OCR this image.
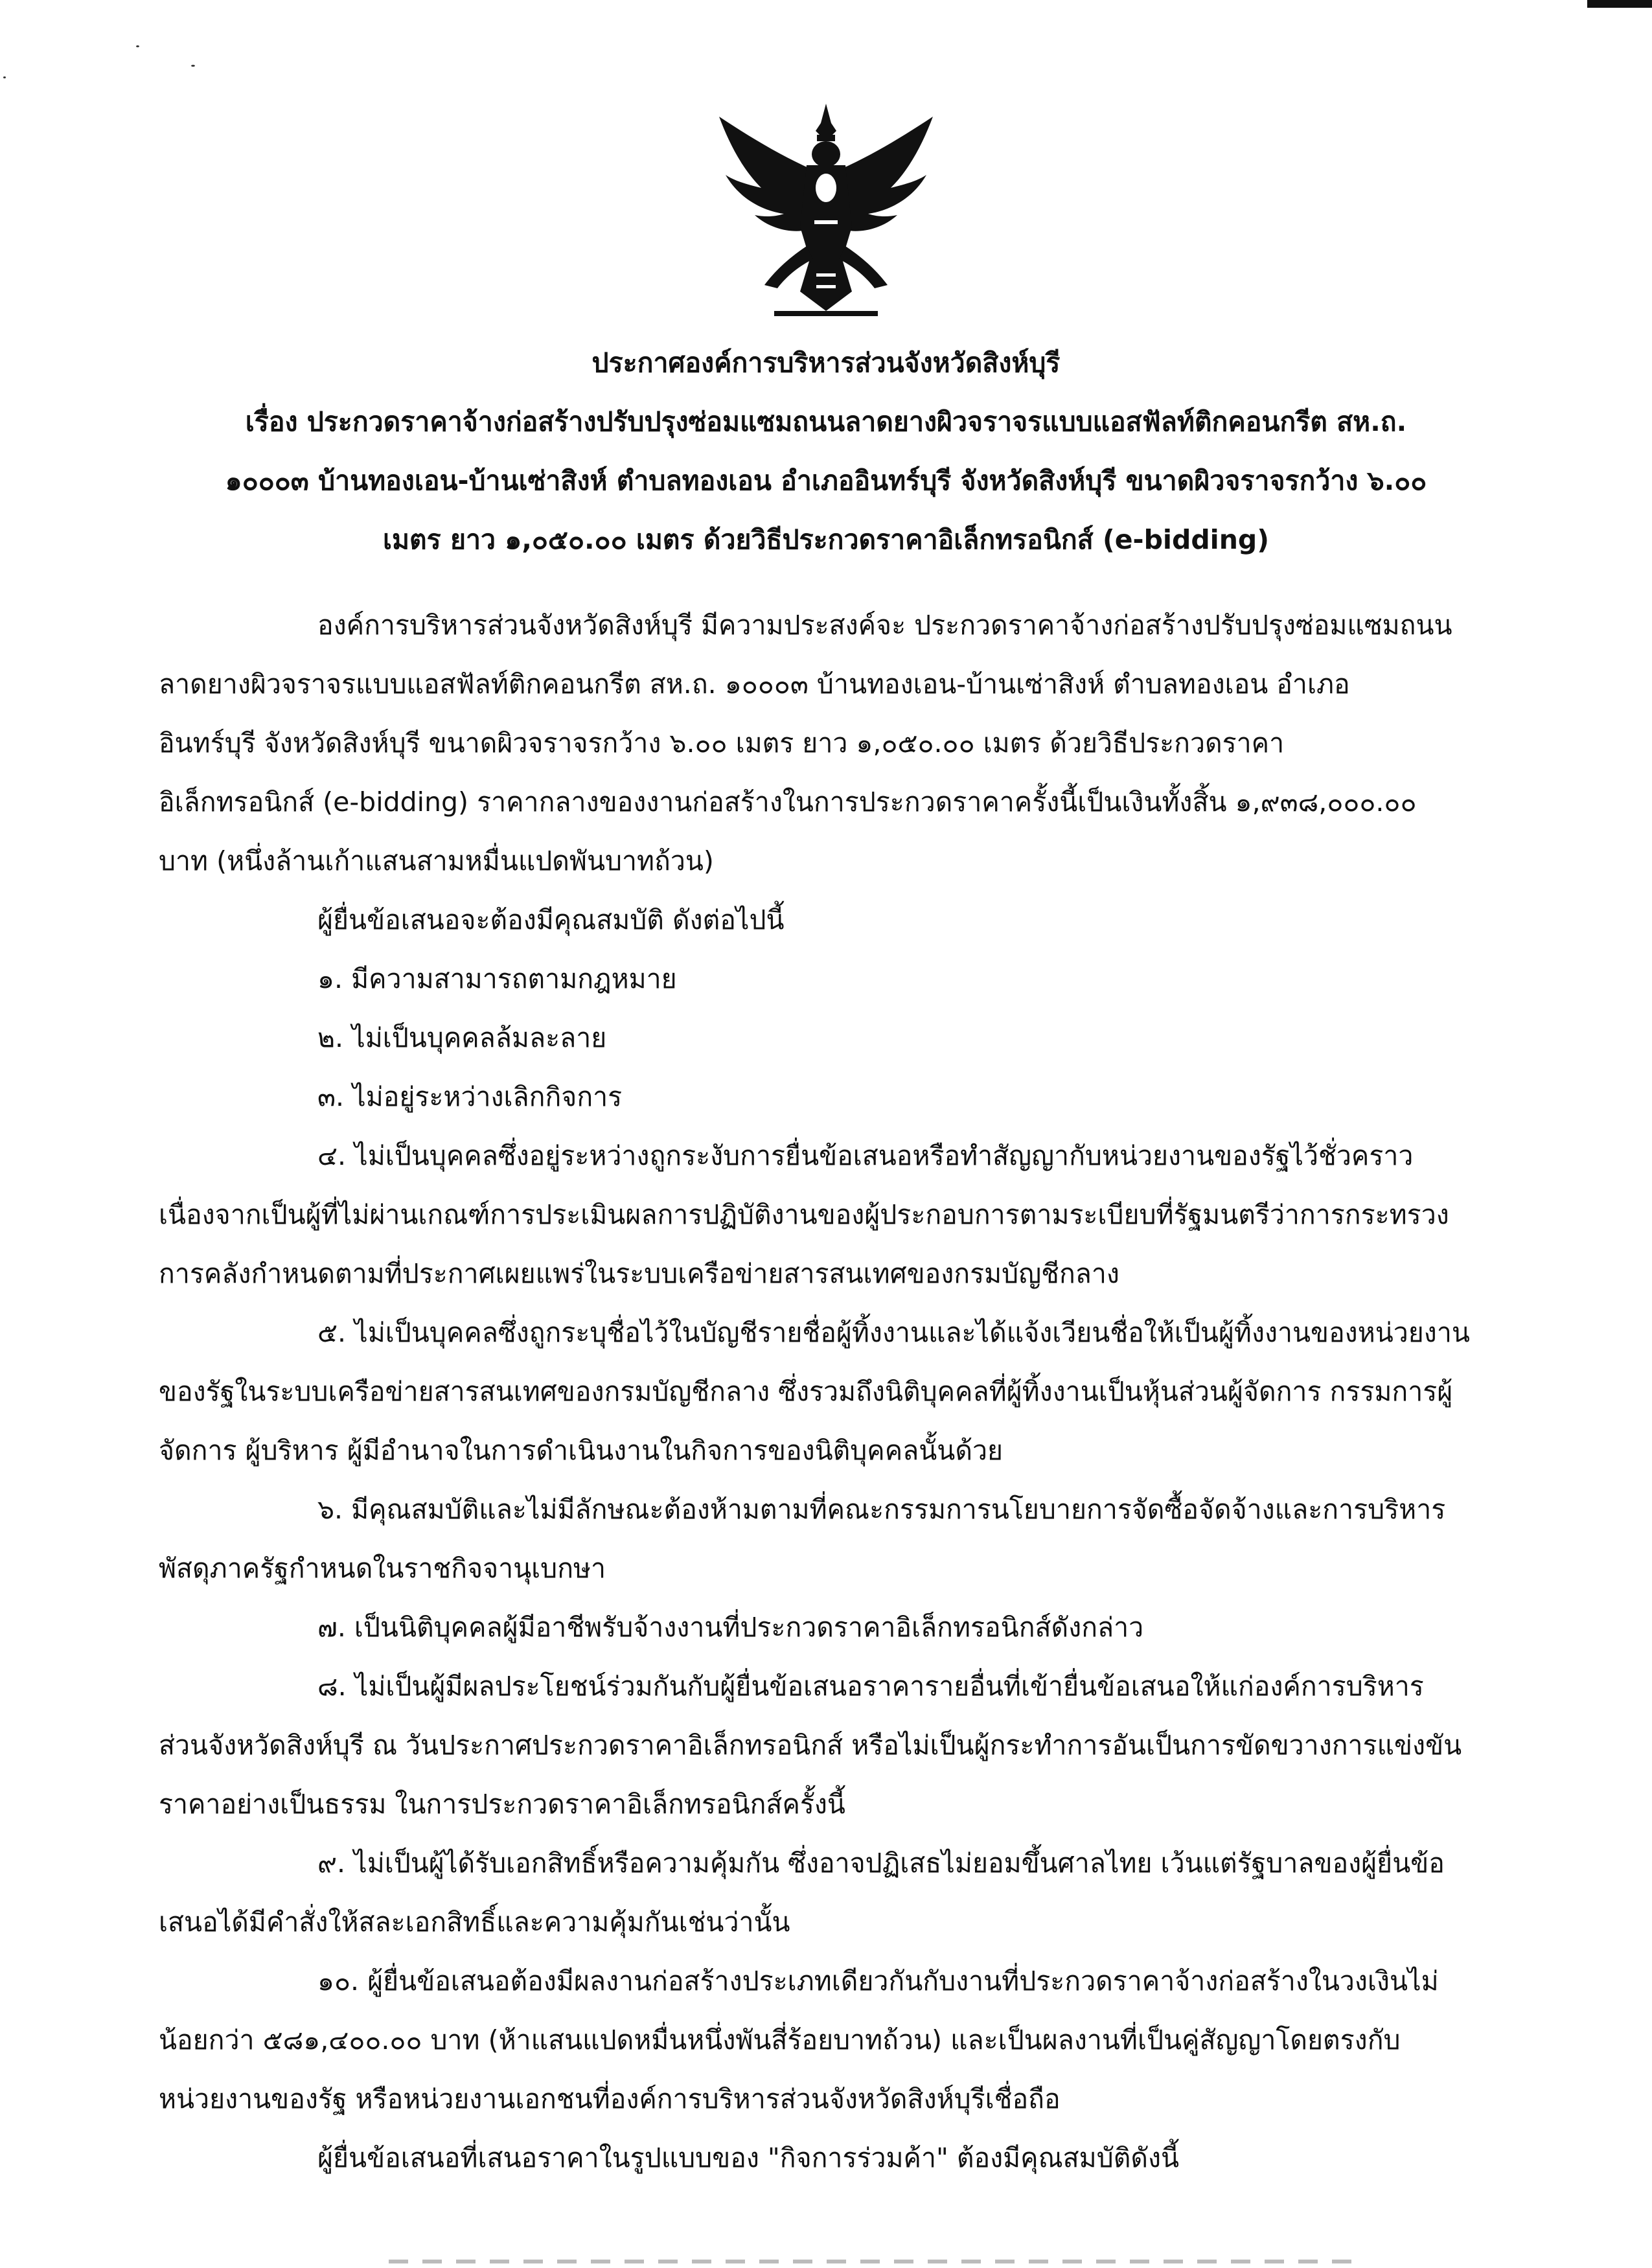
ประกาศองค์การบริหารส่วนจังหวัดสิงห์บุรี
เรื่อง ประกวดราคาจ้างก่อสร้างปรับปรุงซ่อมแซมถนนลาดยางผิวจราจรแบบแอสฟัลท์ติกคอนกรีต สห.ถ.
๑๐๐๐๓ บ้านทองเอน-บ้านเซ่าสิงห์ ตำบลทองเอน อำเภออินทร์บุรี จังหวัดสิงห์บุรี ขนาดผิวจราจรกว้าง ๖.๐๐
เมตร ยาว ๑,๐๕๐.๐๐ เมตร ด้วยวิธีประกวดราคาอิเล็กทรอนิกส์ (e-bidding)
องค์การบริหารส่วนจังหวัดสิงห์บุรี มีความประสงค์จะ ประกวดราคาจ้างก่อสร้างปรับปรุงซ่อมแซมถนน
ลาดยางผิวจราจรแบบแอสฟัลท์ติกคอนกรีต สห.ถ. ๑๐๐๐๓ บ้านทองเอน-บ้านเซ่าสิงห์ ตำบลทองเอน อำเภอ
อินทร์บุรี จังหวัดสิงห์บุรี ขนาดผิวจราจรกว้าง ๖.๐๐ เมตร ยาว ๑,๐๕๐.๐๐ เมตร ด้วยวิธีประกวดราคา
อิเล็กทรอนิกส์ (e-bidding) ราคากลางของงานก่อสร้างในการประกวดราคาครั้งนี้เป็นเงินทั้งสิ้น ๑,๙๓๘,๐๐๐.๐๐
บาท (หนึ่งล้านเก้าแสนสามหมื่นแปดพันบาทถ้วน)
ผู้ยื่นข้อเสนอจะต้องมีคุณสมบัติ ดังต่อไปนี้
๑. มีความสามารถตามกฎหมาย
๒. ไม่เป็นบุคคลล้มละลาย
๓. ไม่อยู่ระหว่างเลิกกิจการ
๔. ไม่เป็นบุคคลซึ่งอยู่ระหว่างถูกระงับการยื่นข้อเสนอหรือทำสัญญากับหน่วยงานของรัฐไว้ชั่วคราว
เนื่องจากเป็นผู้ที่ไม่ผ่านเกณฑ์การประเมินผลการปฏิบัติงานของผู้ประกอบการตามระเบียบที่รัฐมนตรีว่าการกระทรวง
การคลังกำหนดตามที่ประกาศเผยแพร่ในระบบเครือข่ายสารสนเทศของกรมบัญชีกลาง
๕. ไม่เป็นบุคคลซึ่งถูกระบุชื่อไว้ในบัญชีรายชื่อผู้ทิ้งงานและได้แจ้งเวียนชื่อให้เป็นผู้ทิ้งงานของหน่วยงาน
ของรัฐในระบบเครือข่ายสารสนเทศของกรมบัญชีกลาง ซึ่งรวมถึงนิติบุคคลที่ผู้ทิ้งงานเป็นหุ้นส่วนผู้จัดการ กรรมการผู้
จัดการ ผู้บริหาร ผู้มีอำนาจในการดำเนินงานในกิจการของนิติบุคคลนั้นด้วย
๖. มีคุณสมบัติและไม่มีลักษณะต้องห้ามตามที่คณะกรรมการนโยบายการจัดซื้อจัดจ้างและการบริหาร
พัสดุภาครัฐกำหนดในราชกิจจานุเบกษา
๗. เป็นนิติบุคคลผู้มีอาชีพรับจ้างงานที่ประกวดราคาอิเล็กทรอนิกส์ดังกล่าว
๘. ไม่เป็นผู้มีผลประโยชน์ร่วมกันกับผู้ยื่นข้อเสนอราคารายอื่นที่เข้ายื่นข้อเสนอให้แก่องค์การบริหาร
ส่วนจังหวัดสิงห์บุรี ณ วันประกาศประกวดราคาอิเล็กทรอนิกส์ หรือไม่เป็นผู้กระทำการอันเป็นการขัดขวางการแข่งขัน
ราคาอย่างเป็นธรรม ในการประกวดราคาอิเล็กทรอนิกส์ครั้งนี้
๙. ไม่เป็นผู้ได้รับเอกสิทธิ์หรือความคุ้มกัน ซึ่งอาจปฏิเสธไม่ยอมขึ้นศาลไทย เว้นแต่รัฐบาลของผู้ยื่นข้อ
เสนอได้มีคำสั่งให้สละเอกสิทธิ์และความคุ้มกันเช่นว่านั้น
๑๐. ผู้ยื่นข้อเสนอต้องมีผลงานก่อสร้างประเภทเดียวกันกับงานที่ประกวดราคาจ้างก่อสร้างในวงเงินไม่
น้อยกว่า ๕๘๑,๔๐๐.๐๐ บาท (ห้าแสนแปดหมื่นหนึ่งพันสี่ร้อยบาทถ้วน) และเป็นผลงานที่เป็นคู่สัญญาโดยตรงกับ
หน่วยงานของรัฐ หรือหน่วยงานเอกชนที่องค์การบริหารส่วนจังหวัดสิงห์บุรีเชื่อถือ
ผู้ยื่นข้อเสนอที่เสนอราคาในรูปแบบของ "กิจการร่วมค้า" ต้องมีคุณสมบัติดังนี้
